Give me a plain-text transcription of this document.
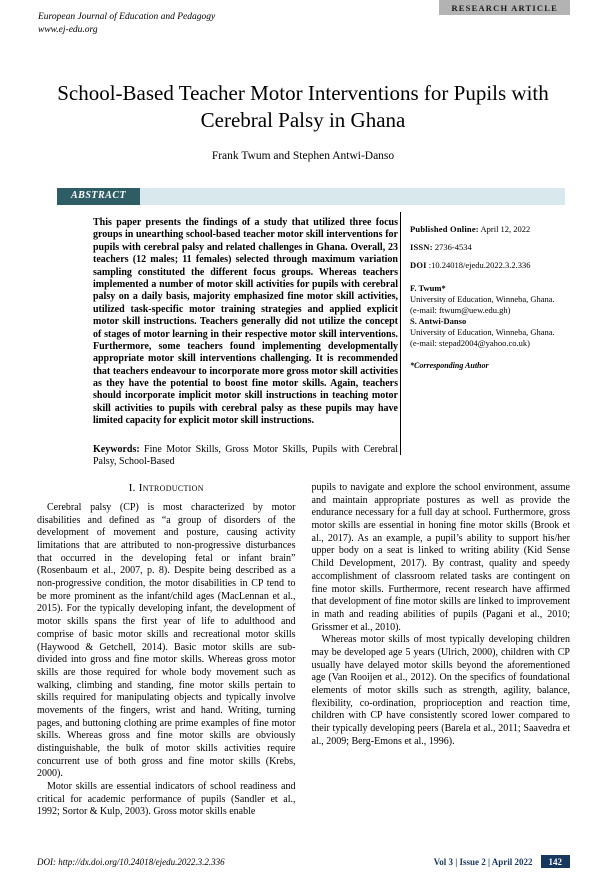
RESEARCH ARTICLE
European Journal of Education and Pedagogy
www.ej-edu.org
School-Based Teacher Motor Interventions for Pupils with Cerebral Palsy in Ghana
Frank Twum and Stephen Antwi-Danso
ABSTRACT

This paper presents the findings of a study that utilized three focus groups in unearthing school-based teacher motor skill interventions for pupils with cerebral palsy and related challenges in Ghana. Overall, 23 teachers (12 males; 11 females) selected through maximum variation sampling constituted the different focus groups. Whereas teachers implemented a number of motor skill activities for pupils with cerebral palsy on a daily basis, majority emphasized fine motor skill activities, utilized task-specific motor training strategies and applied explicit motor skill instructions. Teachers generally did not utilize the concept of stages of motor learning in their respective motor skill interventions. Furthermore, some teachers found implementing developmentally appropriate motor skill interventions challenging. It is recommended that teachers endeavour to incorporate more gross motor skill activities as they have the potential to boost fine motor skills. Again, teachers should incorporate implicit motor skill instructions in teaching motor skill activities to pupils with cerebral palsy as these pupils may have limited capacity for explicit motor skill instructions.

Keywords: Fine Motor Skills, Gross Motor Skills, Pupils with Cerebral Palsy, School-Based

Published Online: April 12, 2022
ISSN: 2736-4534
DOI :10.24018/ejedu.2022.3.2.336
F. Twum*
University of Education, Winneba, Ghana.
(e-mail: ftwum@uew.edu.gh)
S. Antwi-Danso
University of Education, Winneba, Ghana.
(e-mail: stepad2004@yahoo.co.uk)
*Corresponding Author
I. Introduction

Cerebral palsy (CP) is most characterized by motor disabilities and defined as “a group of disorders of the development of movement and posture, causing activity limitations that are attributed to non-progressive disturbances that occurred in the developing fetal or infant brain” (Rosenbaum et al., 2007, p. 8). Despite being described as a non-progressive condition, the motor disabilities in CP tend to be more prominent as the infant/child ages (MacLennan et al., 2015). For the typically developing infant, the development of motor skills spans the first year of life to adulthood and comprise of basic motor skills and recreational motor skills (Haywood & Getchell, 2014). Basic motor skills are sub-divided into gross and fine motor skills. Whereas gross motor skills are those required for whole body movement such as walking, climbing and standing, fine motor skills pertain to skills required for manipulating objects and typically involve movements of the fingers, wrist and hand. Writing, turning pages, and buttoning clothing are prime examples of fine motor skills. Whereas gross and fine motor skills are obviously distinguishable, the bulk of motor skills activities require concurrent use of both gross and fine motor skills (Krebs, 2000).

Motor skills are essential indicators of school readiness and critical for academic performance of pupils (Sandler et al., 1992; Sortor & Kulp, 2003). Gross motor skills enable

pupils to navigate and explore the school environment, assume and maintain appropriate postures as well as provide the endurance necessary for a full day at school. Furthermore, gross motor skills are essential in honing fine motor skills (Brook et al., 2017). As an example, a pupil’s ability to support his/her upper body on a seat is linked to writing ability (Kid Sense Child Development, 2017). By contrast, quality and speedy accomplishment of classroom related tasks are contingent on fine motor skills. Furthermore, recent research have affirmed that development of fine motor skills are linked to improvement in math and reading abilities of pupils (Pagani et al., 2010; Grissmer et al., 2010).

Whereas motor skills of most typically developing children may be developed age 5 years (Ulrich, 2000), children with CP usually have delayed motor skills beyond the aforementioned age (Van Rooijen et al., 2012). On the specifics of foundational elements of motor skills such as strength, agility, balance, flexibility, co-ordination, proprioception and reaction time, children with CP have consistently scored lower compared to their typically developing peers (Barela et al., 2011; Saavedra et al., 2009; Berg-Emons et al., 1996).

DOI: http://dx.doi.org/10.24018/ejedu.2022.3.2.336	Vol 3 | Issue 2 | April 2022	142
